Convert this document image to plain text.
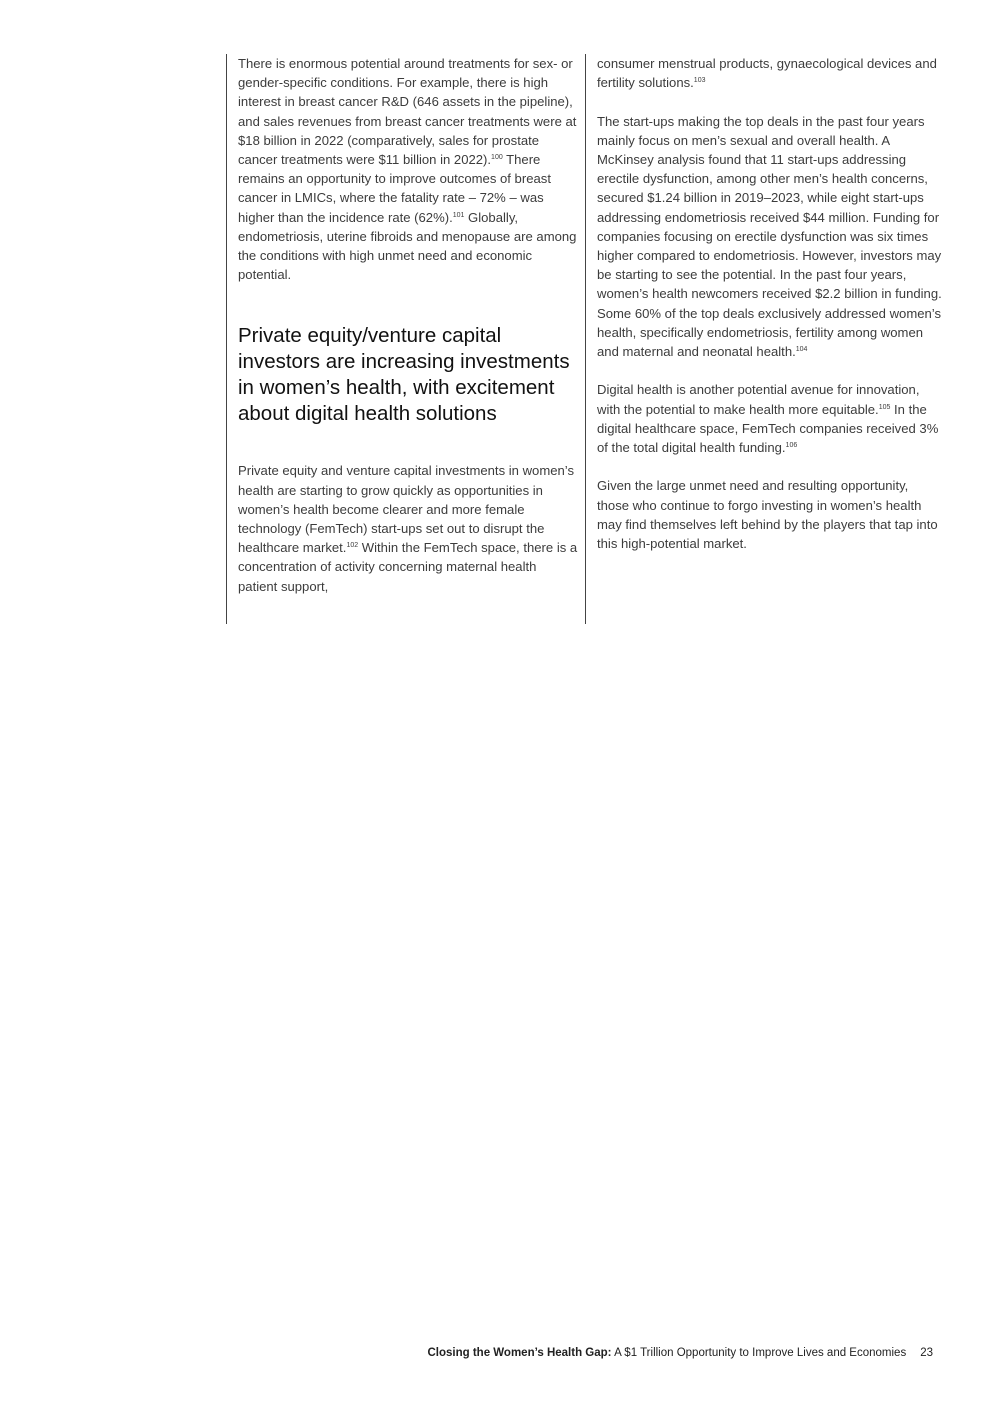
There is enormous potential around treatments for sex- or gender-specific conditions. For example, there is high interest in breast cancer R&D (646 assets in the pipeline), and sales revenues from breast cancer treatments were at $18 billion in 2022 (comparatively, sales for prostate cancer treatments were $11 billion in 2022).$^{100}$ There remains an opportunity to improve outcomes of breast cancer in LMICs, where the fatality rate – 72% – was higher than the incidence rate (62%).$^{101}$ Globally, endometriosis, uterine fibroids and menopause are among the conditions with high unmet need and economic potential.

Private equity/venture capital investors are increasing investments in women’s health, with excitement about digital health solutions

Private equity and venture capital investments in women’s health are starting to grow quickly as opportunities in women’s health become clearer and more female technology (FemTech) start-ups set out to disrupt the healthcare market.$^{102}$ Within the FemTech space, there is a concentration of activity concerning maternal health patient support,

consumer menstrual products, gynaecological devices and fertility solutions.$^{103}$

The start-ups making the top deals in the past four years mainly focus on men’s sexual and overall health. A McKinsey analysis found that 11 start-ups addressing erectile dysfunction, among other men’s health concerns, secured $1.24 billion in 2019–2023, while eight start-ups addressing endometriosis received $44 million. Funding for companies focusing on erectile dysfunction was six times higher compared to endometriosis. However, investors may be starting to see the potential. In the past four years, women’s health newcomers received $2.2 billion in funding. Some 60% of the top deals exclusively addressed women’s health, specifically endometriosis, fertility among women and maternal and neonatal health.$^{104}$

Digital health is another potential avenue for innovation, with the potential to make health more equitable.$^{105}$ In the digital healthcare space, FemTech companies received 3% of the total digital health funding.$^{106}$

Given the large unmet need and resulting opportunity, those who continue to forgo investing in women’s health may find themselves left behind by the players that tap into this high-potential market.

Closing the Women’s Health Gap: A $1 Trillion Opportunity to Improve Lives and Economies 23
